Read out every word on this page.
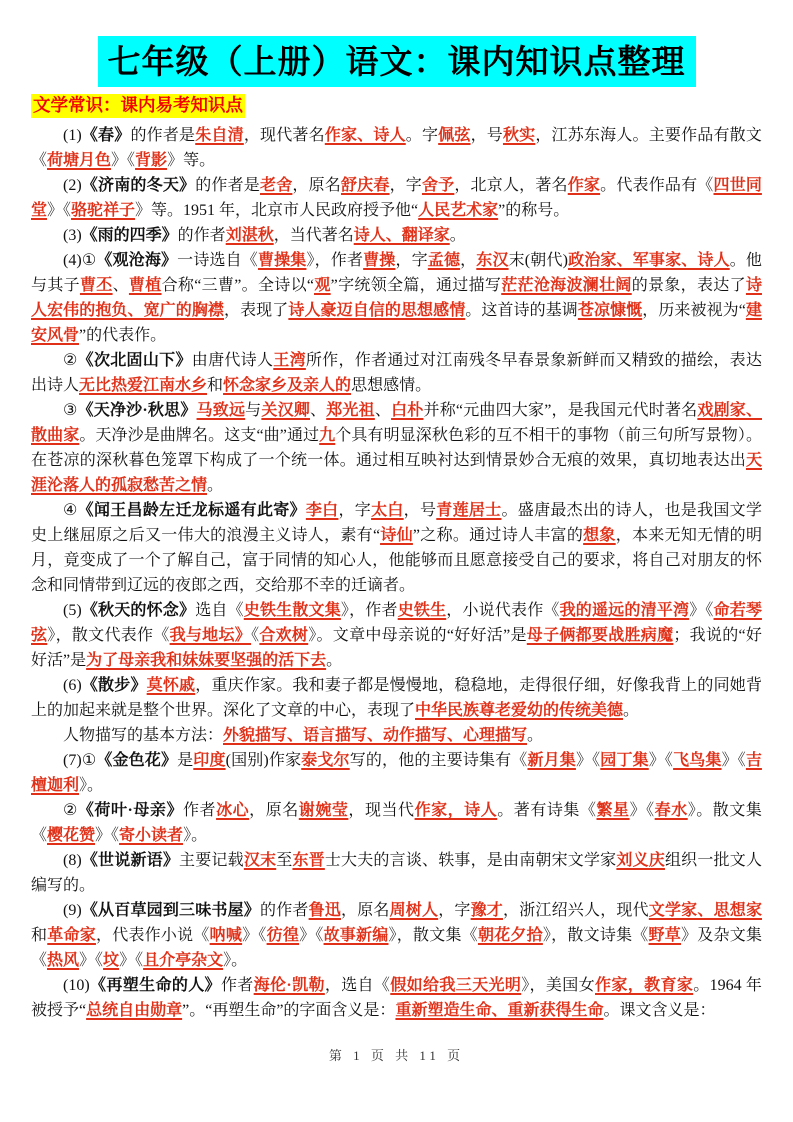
七年级（上册）语文：课内知识点整理
文学常识：课内易考知识点

(1)《春》的作者是朱自清，现代著名作家、诗人。字佩弦，号秋实，江苏东海人。主要作品有散文《荷塘月色》《背影》等。

(2)《济南的冬天》的作者是老舍，原名舒庆春，字舍予，北京人，著名作家。代表作品有《四世同堂》《骆驼祥子》等。1951 年，北京市人民政府授予他“人民艺术家”的称号。

(3)《雨的四季》的作者刘湛秋，当代著名诗人、翻译家。

(4)①《观沧海》一诗选自《曹操集》，作者曹操，字孟德，东汉末(朝代)政治家、军事家、诗人。他与其子曹丕、曹植合称“三曹”。全诗以“观”字统领全篇，通过描写茫茫沧海波澜壮阔的景象，表达了诗人宏伟的抱负、宽广的胸襟，表现了诗人豪迈自信的思想感情。这首诗的基调苍凉慷慨，历来被视为“建安风骨”的代表作。

②《次北固山下》由唐代诗人王湾所作，作者通过对江南残冬早春景象新鲜而又精致的描绘，表达出诗人无比热爱江南水乡和怀念家乡及亲人的思想感情。

③《天净沙·秋思》马致远与关汉卿、郑光祖、白朴并称“元曲四大家”，是我国元代时著名戏剧家、散曲家。天净沙是曲牌名。这支“曲”通过九个具有明显深秋色彩的互不相干的事物（前三句所写景物）。在苍凉的深秋暮色笼罩下构成了一个统一体。通过相互映衬达到情景妙合无痕的效果，真切地表达出天涯沦落人的孤寂愁苦之情。

④《闻王昌龄左迁龙标遥有此寄》李白，字太白，号青莲居士。盛唐最杰出的诗人，也是我国文学史上继屈原之后又一伟大的浪漫主义诗人，素有“诗仙”之称。通过诗人丰富的想象，本来无知无情的明月，竟变成了一个了解自己，富于同情的知心人，他能够而且愿意接受自己的要求，将自己对朋友的怀念和同情带到辽远的夜郎之西，交给那不幸的迁谪者。

(5)《秋天的怀念》选自《史铁生散文集》，作者史铁生，小说代表作《我的遥远的清平湾》《命若琴弦》，散文代表作《我与地坛》《合欢树》。文章中母亲说的“好好活”是母子俩都要战胜病魔；我说的“好好活”是为了母亲我和妹妹要坚强的活下去。

(6)《散步》莫怀戚，重庆作家。我和妻子都是慢慢地，稳稳地，走得很仔细，好像我背上的同她背上的加起来就是整个世界。深化了文章的中心，表现了中华民族尊老爱幼的传统美德。

人物描写的基本方法：外貌描写、语言描写、动作描写、心理描写。

(7)①《金色花》是印度(国别)作家泰戈尔写的，他的主要诗集有《新月集》《园丁集》《飞鸟集》《吉檀迦利》。

②《荷叶·母亲》作者冰心，原名谢婉莹，现当代作家，诗人。著有诗集《繁星》《春水》。散文集《樱花赞》《寄小读者》。

(8)《世说新语》主要记载汉末至东晋士大夫的言谈、轶事，是由南朝宋文学家刘义庆组织一批文人编写的。

(9)《从百草园到三味书屋》的作者鲁迅，原名周树人，字豫才，浙江绍兴人，现代文学家、思想家和革命家，代表作小说《呐喊》《彷徨》《故事新编》，散文集《朝花夕拾》，散文诗集《野草》及杂文集《热风》《坟》《且介亭杂文》。

(10)《再塑生命的人》作者海伦·凯勒，选自《假如给我三天光明》，美国女作家，教育家。1964 年被授予“总统自由勋章”。“再塑生命”的字面含义是：重新塑造生命、重新获得生命。课文含义是：

第 1 页 共 11 页
